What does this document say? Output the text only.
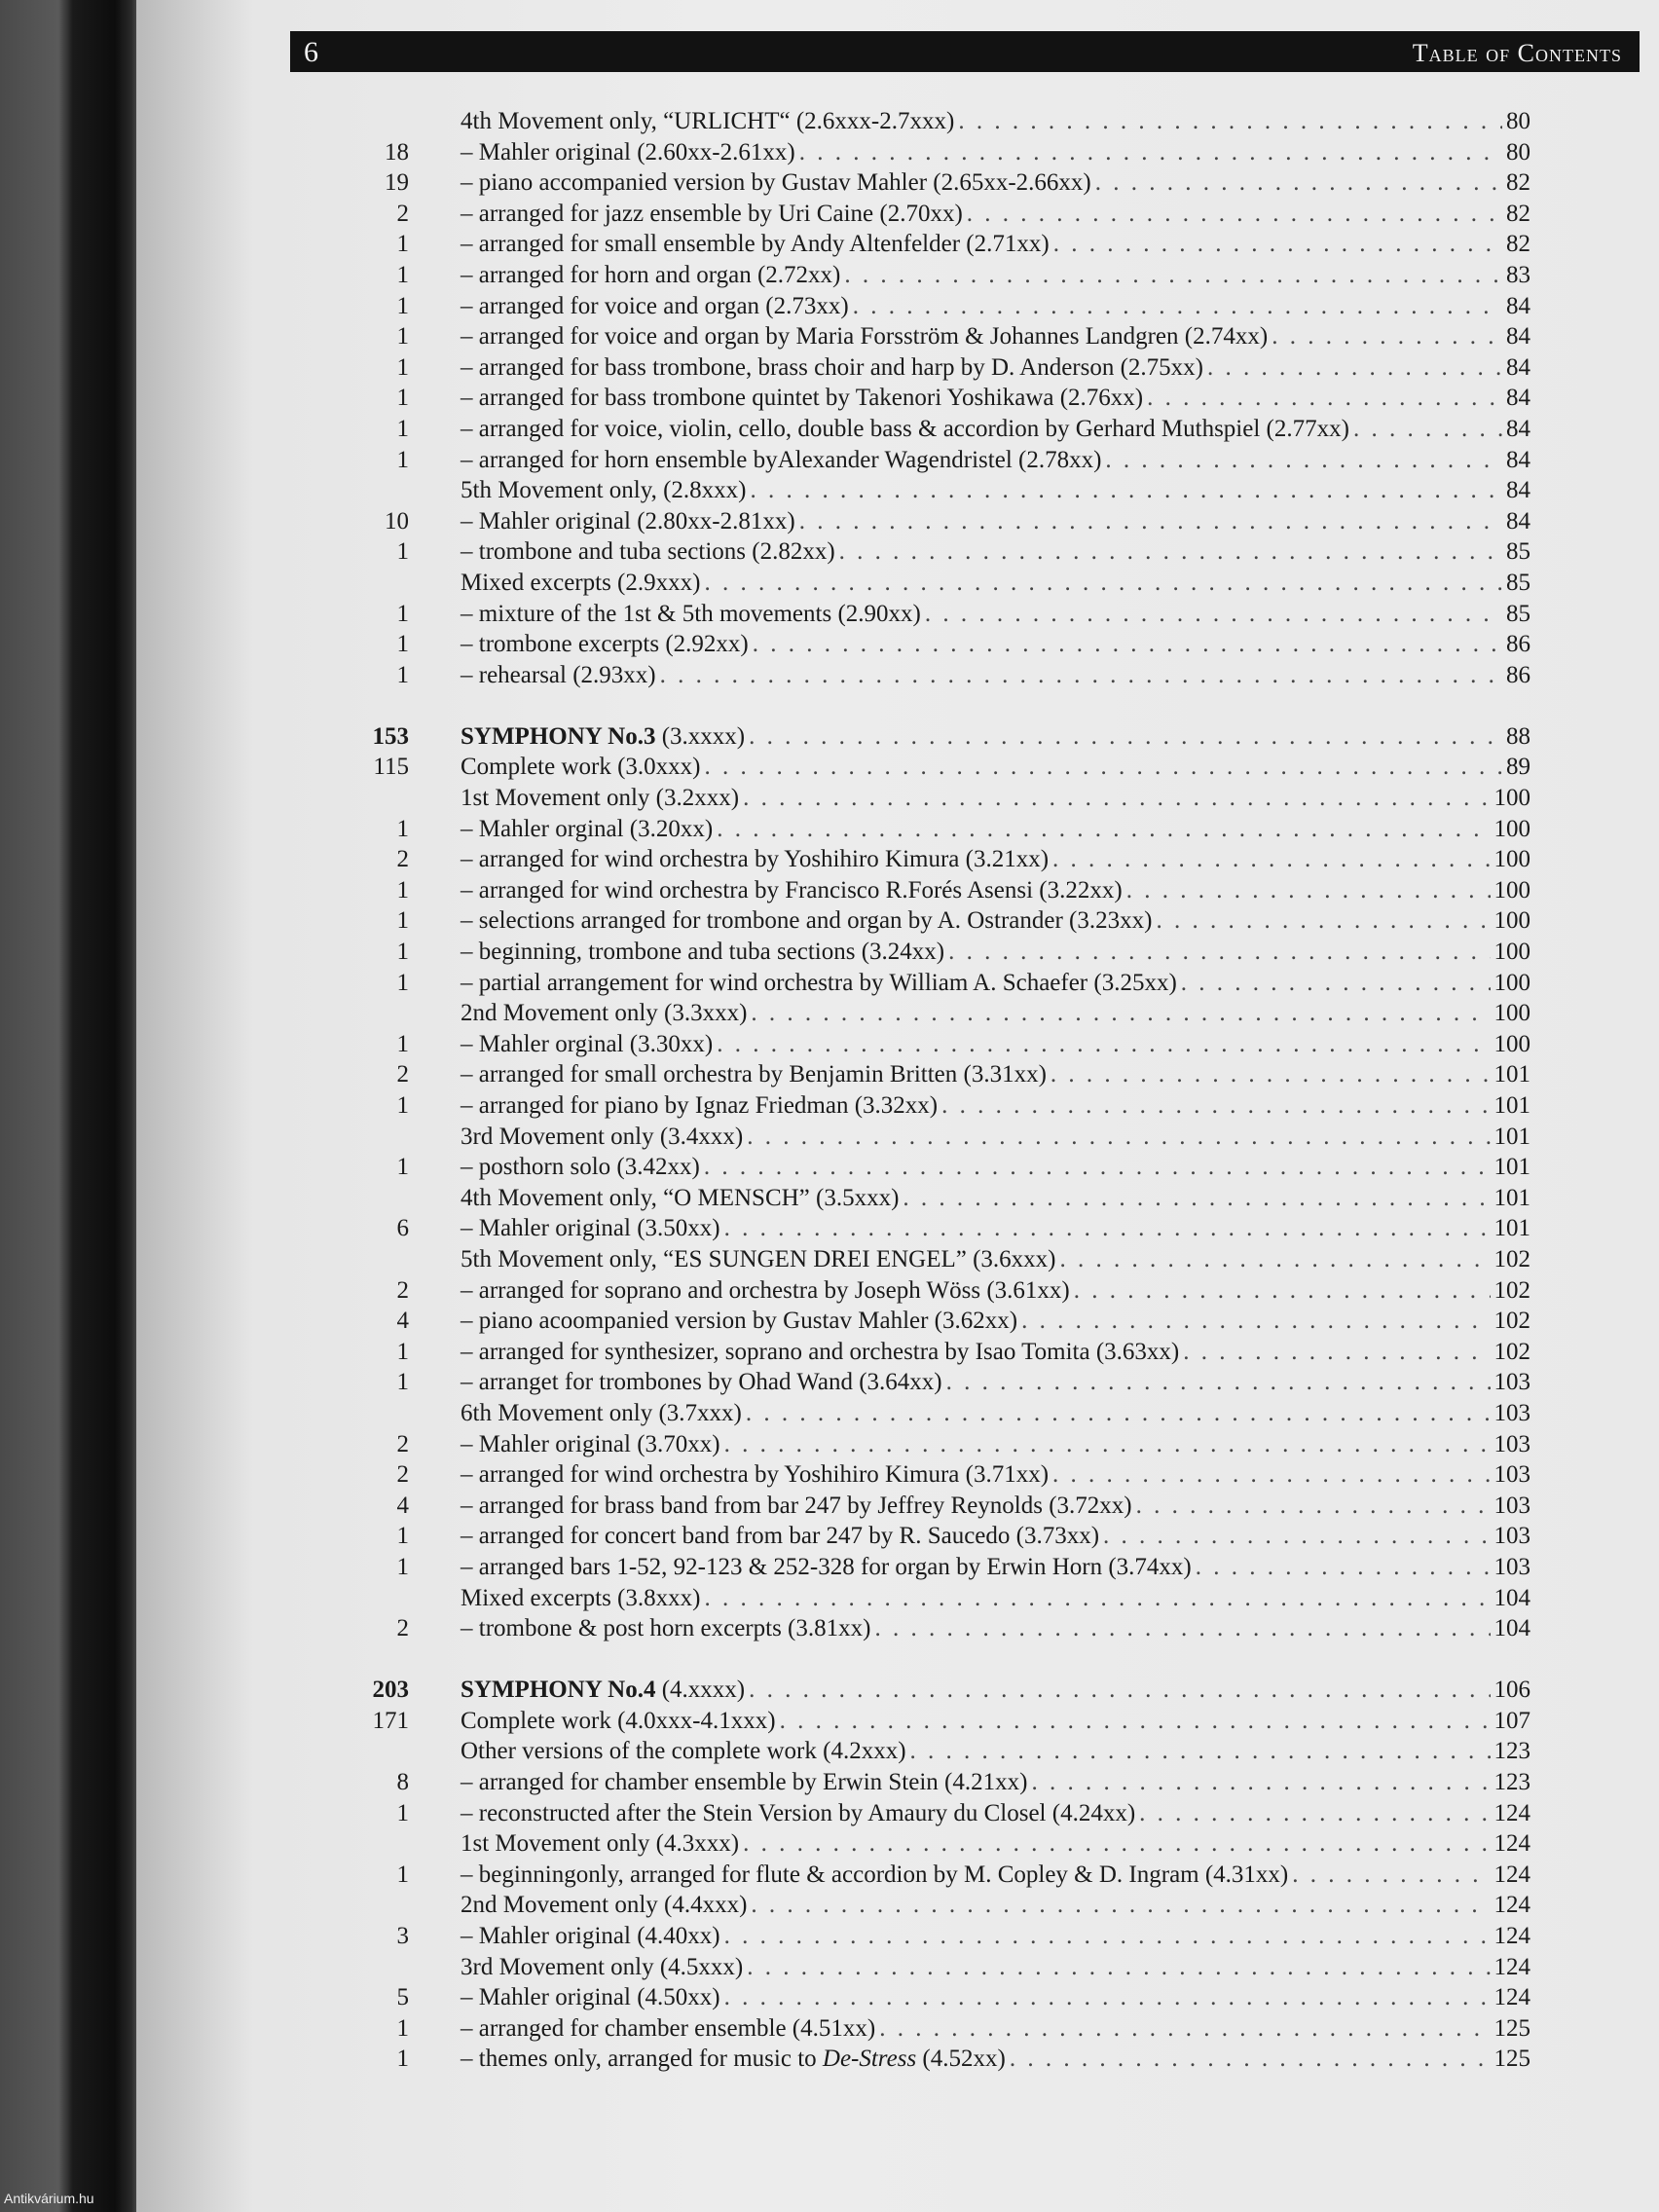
6	Table of Contents
4th Movement only, “URLICHT“ (2.6xxx-2.7xxx) . . .	80
18 – Mahler original (2.60xx-2.61xx) . . .	80
19 – piano accompanied version by Gustav Mahler (2.65xx-2.66xx) . . .	82
2 – arranged for jazz ensemble by Uri Caine (2.70xx) . . .	82
1 – arranged for small ensemble by Andy Altenfelder (2.71xx) . . .	82
1 – arranged for horn and organ (2.72xx) . . .	83
1 – arranged for voice and organ (2.73xx) . . .	84
1 – arranged for voice and organ by Maria Forsström & Johannes Landgren (2.74xx) . . .	84
1 – arranged for bass trombone, brass choir and harp by D. Anderson (2.75xx) . . .	84
1 – arranged for bass trombone quintet by Takenori Yoshikawa (2.76xx) . . .	84
1 – arranged for voice, violin, cello, double bass & accordion by Gerhard Muthspiel (2.77xx) . . .	84
1 – arranged for horn ensemble byAlexander Wagendristel (2.78xx) . . .	84
5th Movement only, (2.8xxx) . . .	84
10 – Mahler original (2.80xx-2.81xx) . . .	84
1 – trombone and tuba sections (2.82xx) . . .	85
Mixed excerpts (2.9xxx) . . .	85
1 – mixture of the 1st & 5th movements (2.90xx) . . .	85
1 – trombone excerpts (2.92xx) . . .	86
1 – rehearsal (2.93xx) . . .	86
153 SYMPHONY No.3 (3.xxxx) . . .	88
115 Complete work (3.0xxx) . . .	89
1st Movement only (3.2xxx) . . .	100
1 – Mahler orginal (3.20xx) . . .	100
2 – arranged for wind orchestra by Yoshihiro Kimura (3.21xx) . . .	100
1 – arranged for wind orchestra by Francisco R.Forés Asensi (3.22xx) . . .	100
1 – selections arranged for trombone and organ by A. Ostrander (3.23xx) . . .	100
1 – beginning, trombone and tuba sections (3.24xx) . . .	100
1 – partial arrangement for wind orchestra by William A. Schaefer (3.25xx) . . .	100
2nd Movement only (3.3xxx) . . .	100
1 – Mahler orginal (3.30xx) . . .	100
2 – arranged for small orchestra by Benjamin Britten (3.31xx) . . .	101
1 – arranged for piano by Ignaz Friedman (3.32xx) . . .	101
3rd Movement only (3.4xxx) . . .	101
1 – posthorn solo (3.42xx) . . .	101
4th Movement only, “O MENSCH” (3.5xxx) . . .	101
6 – Mahler original (3.50xx) . . .	101
5th Movement only, “ES SUNGEN DREI ENGEL” (3.6xxx) . . .	102
2 – arranged for soprano and orchestra by Joseph Wöss (3.61xx) . . .	102
4 – piano acoompanied version by Gustav Mahler (3.62xx) . . .	102
1 – arranged for synthesizer, soprano and orchestra by Isao Tomita (3.63xx) . . .	102
1 – arranget for trombones by Ohad Wand (3.64xx) . . .	103
6th Movement only (3.7xxx) . . .	103
2 – Mahler original (3.70xx) . . .	103
2 – arranged for wind orchestra by Yoshihiro Kimura (3.71xx) . . .	103
4 – arranged for brass band from bar 247 by Jeffrey Reynolds (3.72xx) . . .	103
1 – arranged for concert band from bar 247 by R. Saucedo (3.73xx) . . .	103
1 – arranged bars 1-52, 92-123 & 252-328 for organ by Erwin Horn (3.74xx) . . .	103
Mixed excerpts (3.8xxx) . . .	104
2 – trombone & post horn excerpts (3.81xx) . . .	104
203 SYMPHONY No.4 (4.xxxx) . . .	106
171 Complete work (4.0xxx-4.1xxx) . . .	107
Other versions of the complete work (4.2xxx) . . .	123
8 – arranged for chamber ensemble by Erwin Stein (4.21xx) . . .	123
1 – reconstructed after the Stein Version by Amaury du Closel (4.24xx) . . .	124
1st Movement only (4.3xxx) . . .	124
1 – beginningonly, arranged for flute & accordion by M. Copley & D. Ingram (4.31xx) . . .	124
2nd Movement only (4.4xxx) . . .	124
3 – Mahler original (4.40xx) . . .	124
3rd Movement only (4.5xxx) . . .	124
5 – Mahler original (4.50xx) . . .	124
1 – arranged for chamber ensemble (4.51xx) . . .	125
1 – themes only, arranged for music to De-Stress (4.52xx) . . .	125
Antikvárium.hu
